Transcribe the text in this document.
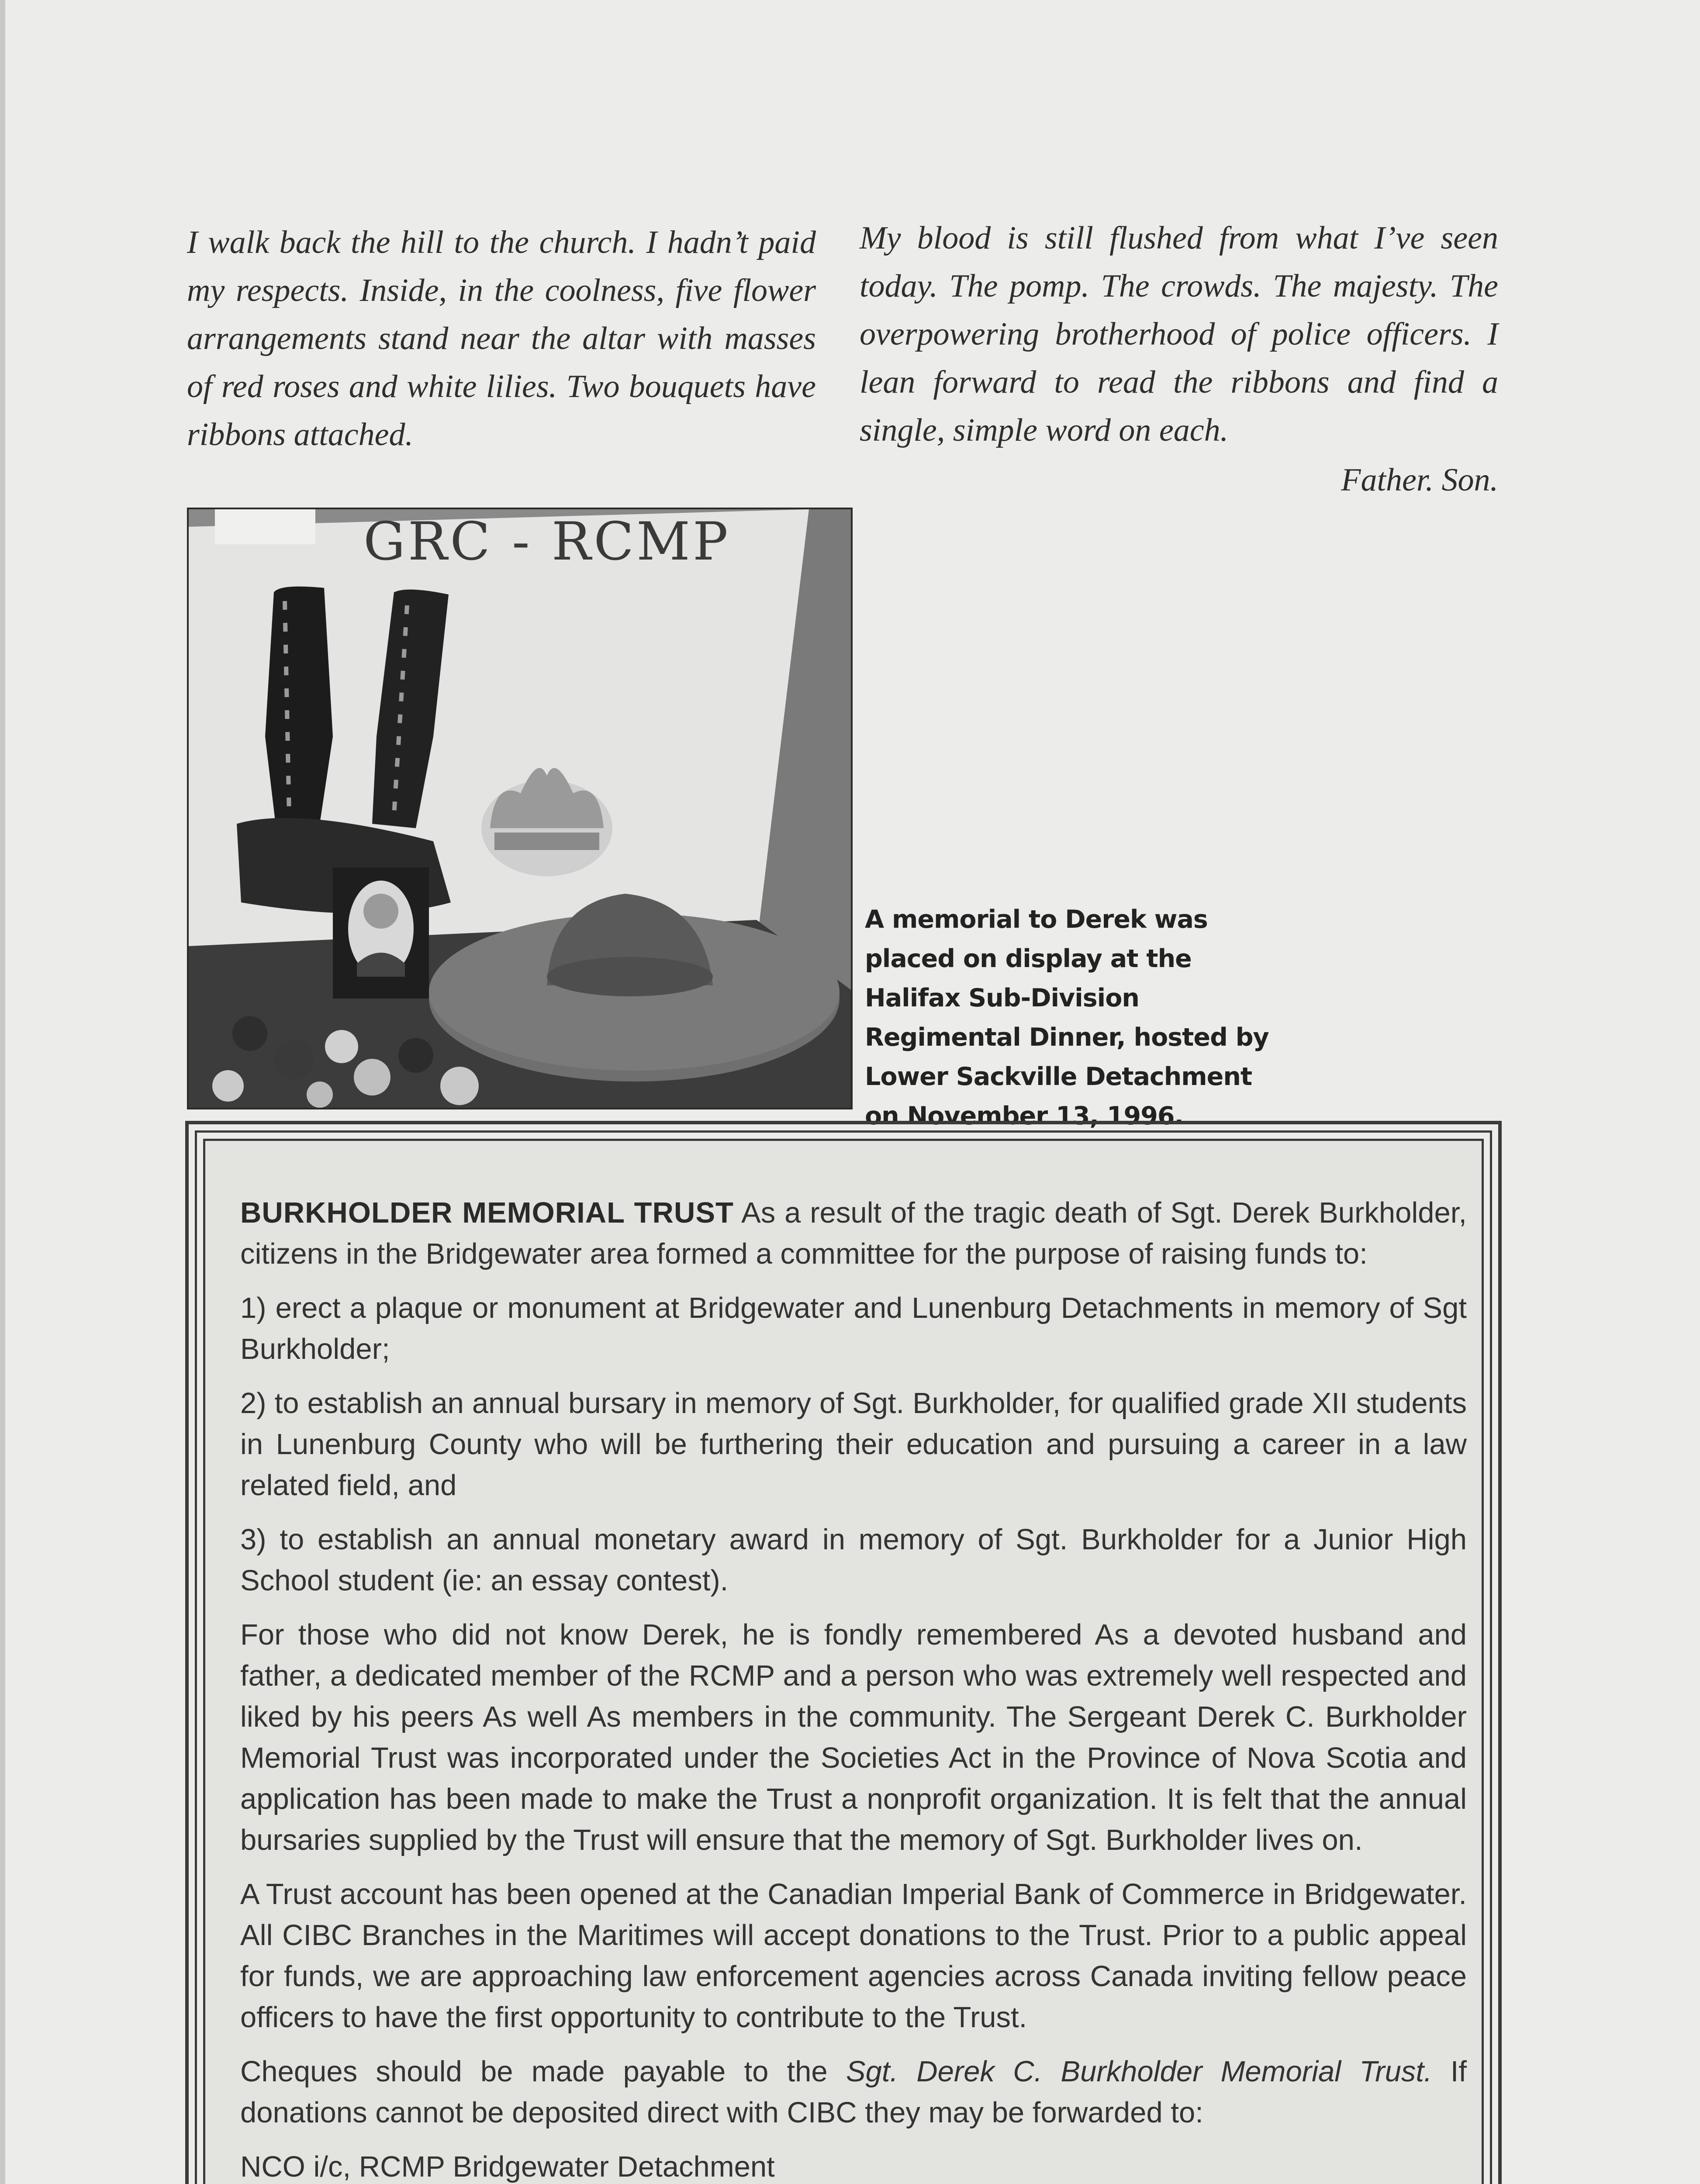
I walk back the hill to the church. I hadn’t paid my respects. Inside, in the coolness, five flower arrangements stand near the altar with masses of red roses and white lilies. Two bouquets have ribbons attached.

My blood is still flushed from what I’ve seen today. The pomp. The crowds. The majesty. The overpowering brotherhood of police officers. I lean forward to read the ribbons and find a single, simple word on each.

Father. Son.

GRC - RCMP
A memorial to Derek was placed on display at the Halifax Sub-Division Regimental Dinner, hosted by Lower Sackville Detachment on November 13, 1996.

BURKHOLDER MEMORIAL TRUST As a result of the tragic death of Sgt. Derek Burkholder, citizens in the Bridgewater area formed a committee for the purpose of raising funds to:

1) erect a plaque or monument at Bridgewater and Lunenburg Detachments in memory of Sgt Burkholder;

2) to establish an annual bursary in memory of Sgt. Burkholder, for qualified grade XII students in Lunenburg County who will be furthering their education and pursuing a career in a law related field, and

3) to establish an annual monetary award in memory of Sgt. Burkholder for a Junior High School student (ie: an essay contest).

For those who did not know Derek, he is fondly remembered As a devoted husband and father, a dedicated member of the RCMP and a person who was extremely well respected and liked by his peers As well As members in the community. The Sergeant Derek C. Burkholder Memorial Trust was incorporated under the Societies Act in the Province of Nova Scotia and application has been made to make the Trust a nonprofit organization. It is felt that the annual bursaries supplied by the Trust will ensure that the memory of Sgt. Burkholder lives on.

A Trust account has been opened at the Canadian Imperial Bank of Commerce in Bridgewater. All CIBC Branches in the Maritimes will accept donations to the Trust. Prior to a public appeal for funds, we are approaching law enforcement agencies across Canada inviting fellow peace officers to have the first opportunity to contribute to the Trust.

Cheques should be made payable to the Sgt. Derek C. Burkholder Memorial Trust. If donations cannot be deposited direct with CIBC they may be forwarded to:

NCO i/c, RCMP Bridgewater Detachment
